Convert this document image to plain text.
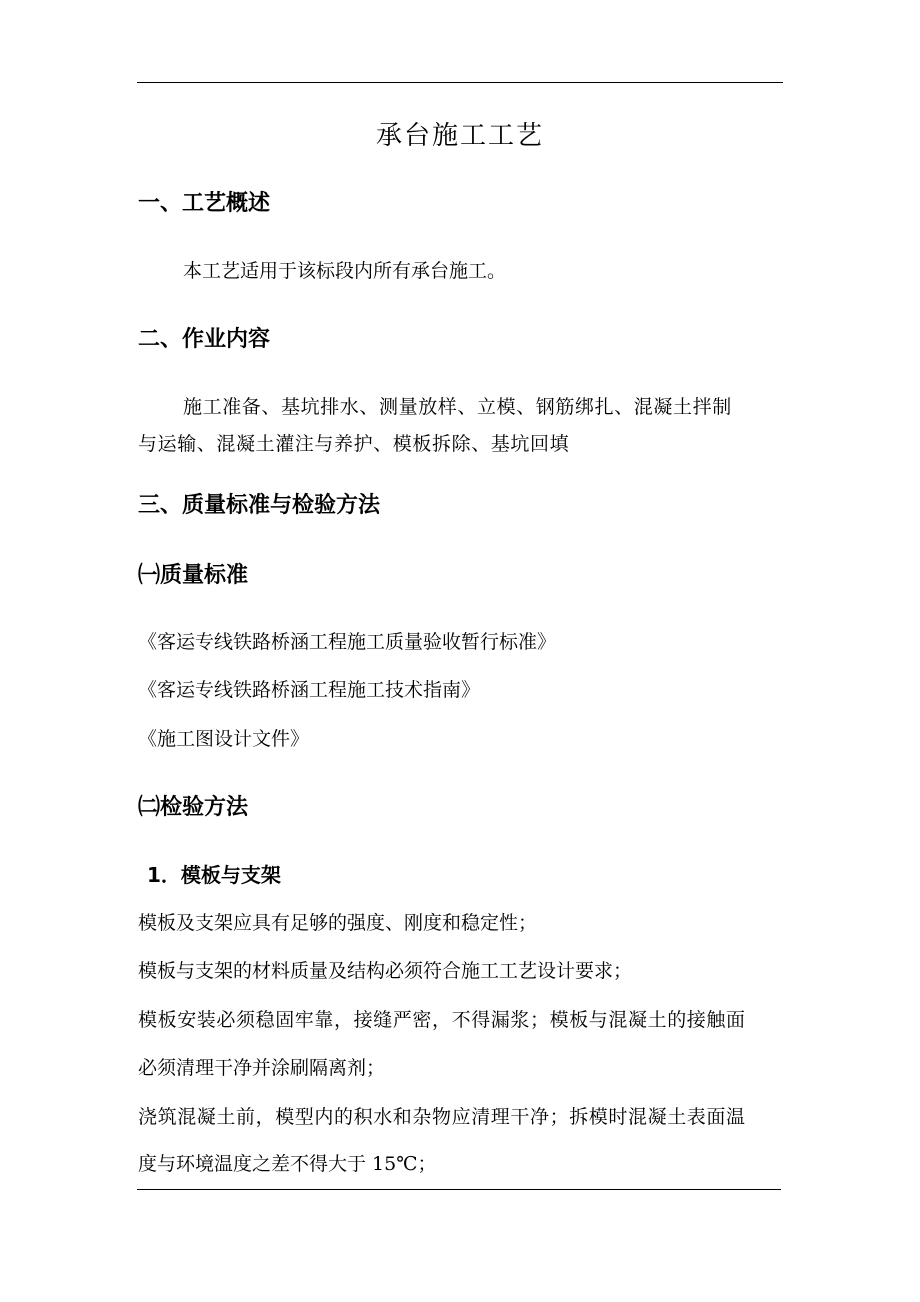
承台施工工艺
一、工艺概述
本工艺适用于该标段内所有承台施工。
二、作业内容
施工准备、基坑排水、测量放样、立模、钢筋绑扎、混凝土拌制
与运输、混凝土灌注与养护、模板拆除、基坑回填
三、质量标准与检验方法
㈠质量标准
《客运专线铁路桥涵工程施工质量验收暂行标准》
《客运专线铁路桥涵工程施工技术指南》
《施工图设计文件》
㈡检验方法
1．模板与支架
模板及支架应具有足够的强度、刚度和稳定性；
模板与支架的材料质量及结构必须符合施工工艺设计要求；
模板安装必须稳固牢靠，接缝严密，不得漏浆；模板与混凝土的接触面
必须清理干净并涂刷隔离剂；
浇筑混凝土前，模型内的积水和杂物应清理干净；拆模时混凝土表面温
度与环境温度之差不得大于 15℃；
